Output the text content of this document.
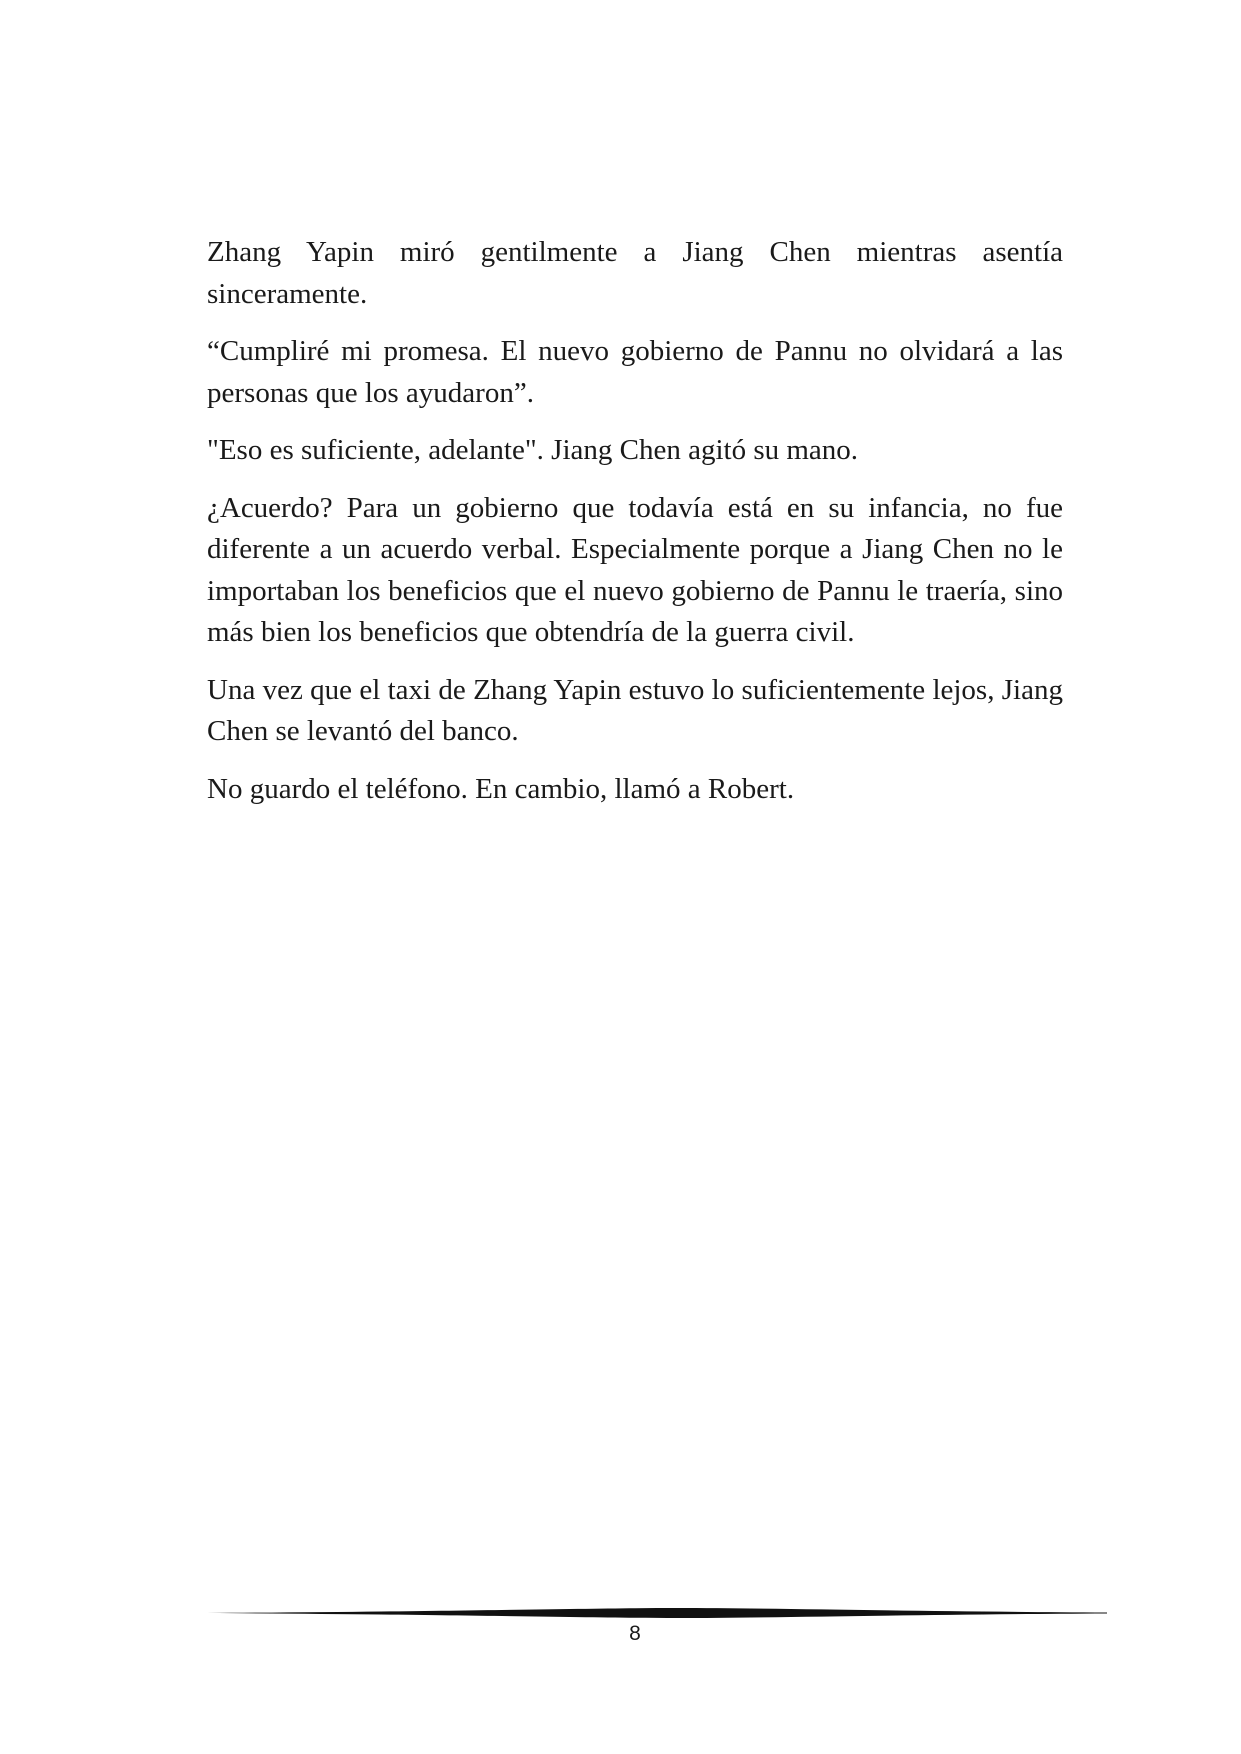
Zhang Yapin miró gentilmente a Jiang Chen mientras asentía sinceramente.

“Cumpliré mi promesa. El nuevo gobierno de Pannu no olvidará a las personas que los ayudaron”.

"Eso es suficiente, adelante". Jiang Chen agitó su mano.

¿Acuerdo? Para un gobierno que todavía está en su infancia, no fue diferente a un acuerdo verbal. Especialmente porque a Jiang Chen no le importaban los beneficios que el nuevo gobierno de Pannu le traería, sino más bien los beneficios que obtendría de la guerra civil.

Una vez que el taxi de Zhang Yapin estuvo lo suficientemente lejos, Jiang Chen se levantó del banco.

No guardo el teléfono. En cambio, llamó a Robert.

8
